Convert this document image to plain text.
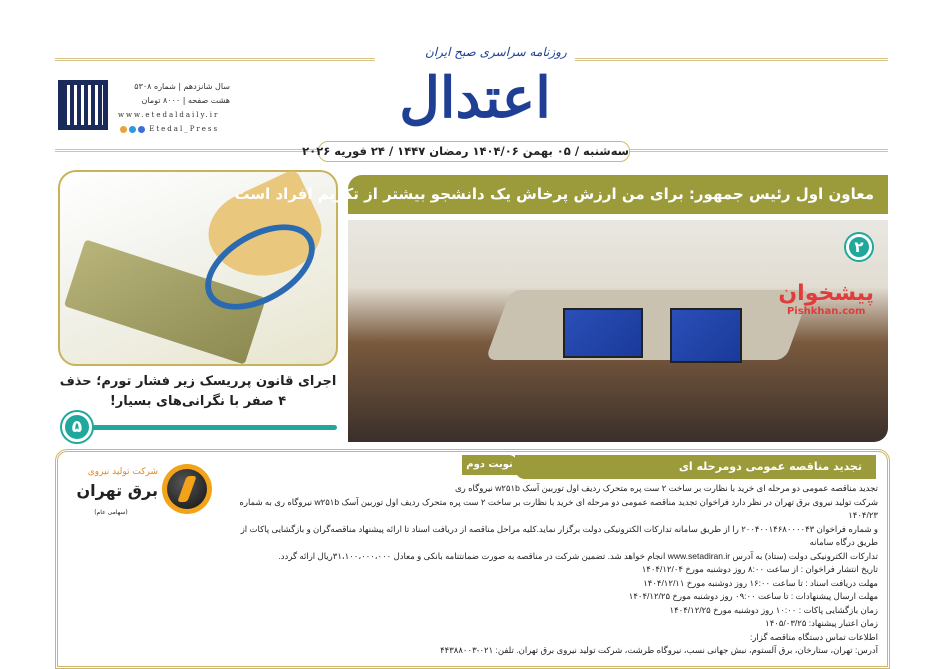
روزنامه سراسری صبح ایران
اعتدال
سال شانزدهم | شماره ۵۳۰۸
هشت صفحه | ۸۰۰۰ تومان
www.etedaldaily.ir
Etedal_Press
سه‌شنبه / ۰۵ بهمن ۱۴۰۴/۰۶ رمضان ۱۴۴۷ / ۲۴ فوریه ۲۰۲۶
اجرای قانون پرریسک زیر فشار تورم؛ حذف ۴ صفر با نگرانی‌های بسیار!
۵
معاون اول رئیس جمهور: برای من ارزش پرخاش یک دانشجو بیشتر از تکریم افراد است
پیشخوان
Pishkhan.com
۲
نوبت دوم	تجدید مناقصه عمومی دومرحله ای
شرکت تولید نیروی
برق تهران
(سهامی عام)
تجدید مناقصه عمومی دو مرحله ای خرید با نظارت بر ساخت ۲ ست پره متحرک ردیف اول توربین آسک w۲۵۱b نیروگاه ری
شرکت تولید نیروی برق تهران در نظر دارد فراخوان تجدید مناقصه عمومی دو مرحله ای خرید با نظارت بر ساخت ۲ ست پره متحرک ردیف اول توربین آسک w۲۵۱b نیروگاه ری به شماره ۱۴۰۴/۲۳
و شماره فراخوان ۲۰۰۴۰۰۱۴۶۸۰۰۰۰۴۳ را از طریق سامانه تدارکات الکترونیکی دولت برگزار نماید.کلیه مراحل مناقصه از دریافت اسناد تا ارائه پیشنهاد مناقصه‌گران و بازگشایی پاکات از طریق درگاه سامانه
تدارکات الکترونیکی دولت (ستاد) به آدرس www.setadiran.ir انجام خواهد شد. تضمین شرکت در مناقصه به صورت ضمانتنامه بانکی و معادل ۳۱،۱۰۰،۰۰۰،۰۰۰ریال ارائه گردد.
تاریخ انتشار فراخوان : از ساعت ۸:۰۰ روز دوشنبه مورخ ۱۴۰۴/۱۲/۰۴
مهلت دریافت اسناد : تا ساعت ۱۶:۰۰ روز دوشنبه مورخ ۱۴۰۴/۱۲/۱۱
مهلت ارسال پیشنهادات : تا ساعت ۰۹:۰۰ روز دوشنبه مورخ ۱۴۰۴/۱۲/۲۵
زمان بازگشایی پاکات : ۱۰:۰۰ روز دوشنبه مورخ ۱۴۰۴/۱۲/۲۵
زمان اعتبار پیشنهاد: ۱۴۰۵/۰۳/۲۵
اطلاعات تماس دستگاه مناقصه گزار:
آدرس: تهران، ستارخان، برق آلستوم، نبش جهانی نسب، نیروگاه طرشت، شرکت تولید نیروی برق تهران. تلفن: ۰۲۱-۴۴۳۸۸۰۰۳
